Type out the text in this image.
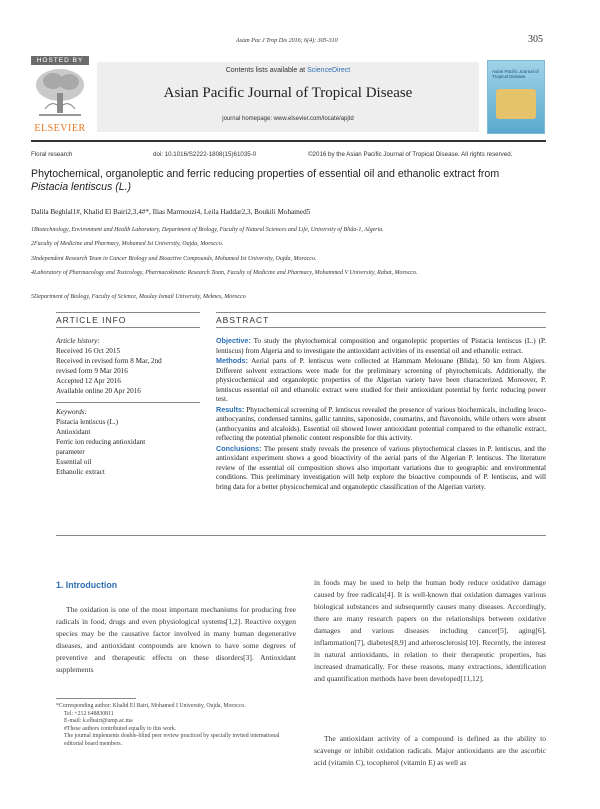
Asian Pac J Trop Dis 2016; 6(4): 305-310	305
HOSTED BY
ELSEVIER
Contents lists available at ScienceDirect
Asian Pacific Journal of Tropical Disease
journal homepage: www.elsevier.com/locate/apjtd
Asian Pacific Journal of Tropical Disease
Floral research	doi: 10.1016/S2222-1808(15)61035-0	©2016 by the Asian Pacific Journal of Tropical Disease. All rights reserved.
Phytochemical, organoleptic and ferric reducing properties of essential oil and ethanolic extract from
Pistacia lentiscus (L.)
Dalila Beghlal1#, Khalid El Bairi2,3,4#*, Ilias Marmouzi4, Leila Haddar2,3, Boukili Mohamed5
1Biotechnology, Environment and Health Laboratory, Department of Biology, Faculty of Natural Sciences and Life, University of Blida-1, Algeria.
2Faculty of Medicine and Pharmacy, Mohamed Ist University, Oujda, Morocco.
3Independent Research Team in Cancer Biology and Bioactive Compounds, Mohamed Ist University, Oujda, Morocco.
4Laboratory of Pharmacology and Toxicology, Pharmacokinetic Research Team, Faculty of Medicine and Pharmacy, Mohammed V University, Rabat, Morocco.
5Department of Biology, Faculty of Science, Moulay Ismail University, Meknes, Morocco
ARTICLE INFO	ABSTRACT
Article history:
Received 16 Oct 2015
Received in revised form 8 Mar, 2nd
revised form 9 Mar 2016
Accepted 12 Apr 2016
Available online 20 Apr 2016
Keywords:
Pistacia lentiscus (L.)
Antioxidant
Ferric ion reducing antioxidant
parameter
Essential oil
Ethanolic extract

Objective: To study the phytochemical composition and organoleptic properties of Pistacia lentiscus (L.) (P. lentiscus) from Algeria and to investigate the antioxidant activities of its essential oil and ethanolic extract.

Methods: Aerial parts of P. lentiscus were collected at Hammam Melouane (Blida), 50 km from Algiers. Different solvent extractions were made for the preliminary screening of phytochemicals. Additionally, the physicochemical and organoleptic properties of the Algerian variety have been characterized. Moreover, P. lentiscus essential oil and ethanolic extract were studied for their antioxidant potential by ferric reducing power test.

Results: Phytochemical screening of P. lentiscus revealed the presence of various biochemicals, including leuco-anthocyanins, condensed tannins, gallic tannins, saponoside, coumarins, and flavonoids, while others were absent (anthocyanins and alcaloids). Essential oil showed lower antioxidant potential compared to the ethanolic extract, reflecting the potential phenolic content responsible for this activity.

Conclusions: The present study reveals the presence of various phytochemical classes in P. lentiscus, and the antioxidant experiment shows a good bioactivity of the aerial parts of the Algerian P. lentiscus. The literature review of the essential oil composition shows also important variations due to geographic and environmental conditions. This preliminary investigation will help explore the bioactive compounds of P. lentiscus, and will bring data for a better physicochemical and organoleptic classification of the Algerian variety.

1. Introduction
The oxidation is one of the most important mechanisms for producing free radicals in food, drugs and even physiological systems[1,2]. Reactive oxygen species may be the causative factor involved in many human degenerative diseases, and antioxidant compounds are known to have some degrees of preventive and therapeutic effects on these disorders[3]. Antioxidant supplements
*Corresponding author: Khalid El Bairi, Mohamed I University, Oujda, Morocco.
Tel: +212 648830811
E-mail: k.elbairi@ump.ac.ma
#These authors contributed equally to this work.
The journal implements double-blind peer review practiced by specially invited international editorial board members.
in foods may be used to help the human body reduce oxidative damage caused by free radicals[4]. It is well-known that oxidation damages various biological substances and subsequently causes many diseases. Accordingly, there are many research papers on the relationships between oxidative damages and various diseases including cancer[5], aging[6], inflammation[7], diabetes[8,9] and atherosclerosis[10]. Recently, the interest in natural antioxidants, in relation to their therapeutic properties, has increased dramatically. For these reasons, many extractions, identification and quantification methods have been developed[11,12].
The antioxidant activity of a compound is defined as the ability to scavenge or inhibit oxidation radicals. Major antioxidants are the ascorbic acid (vitamin C), tocopherol (vitamin E) as well as
